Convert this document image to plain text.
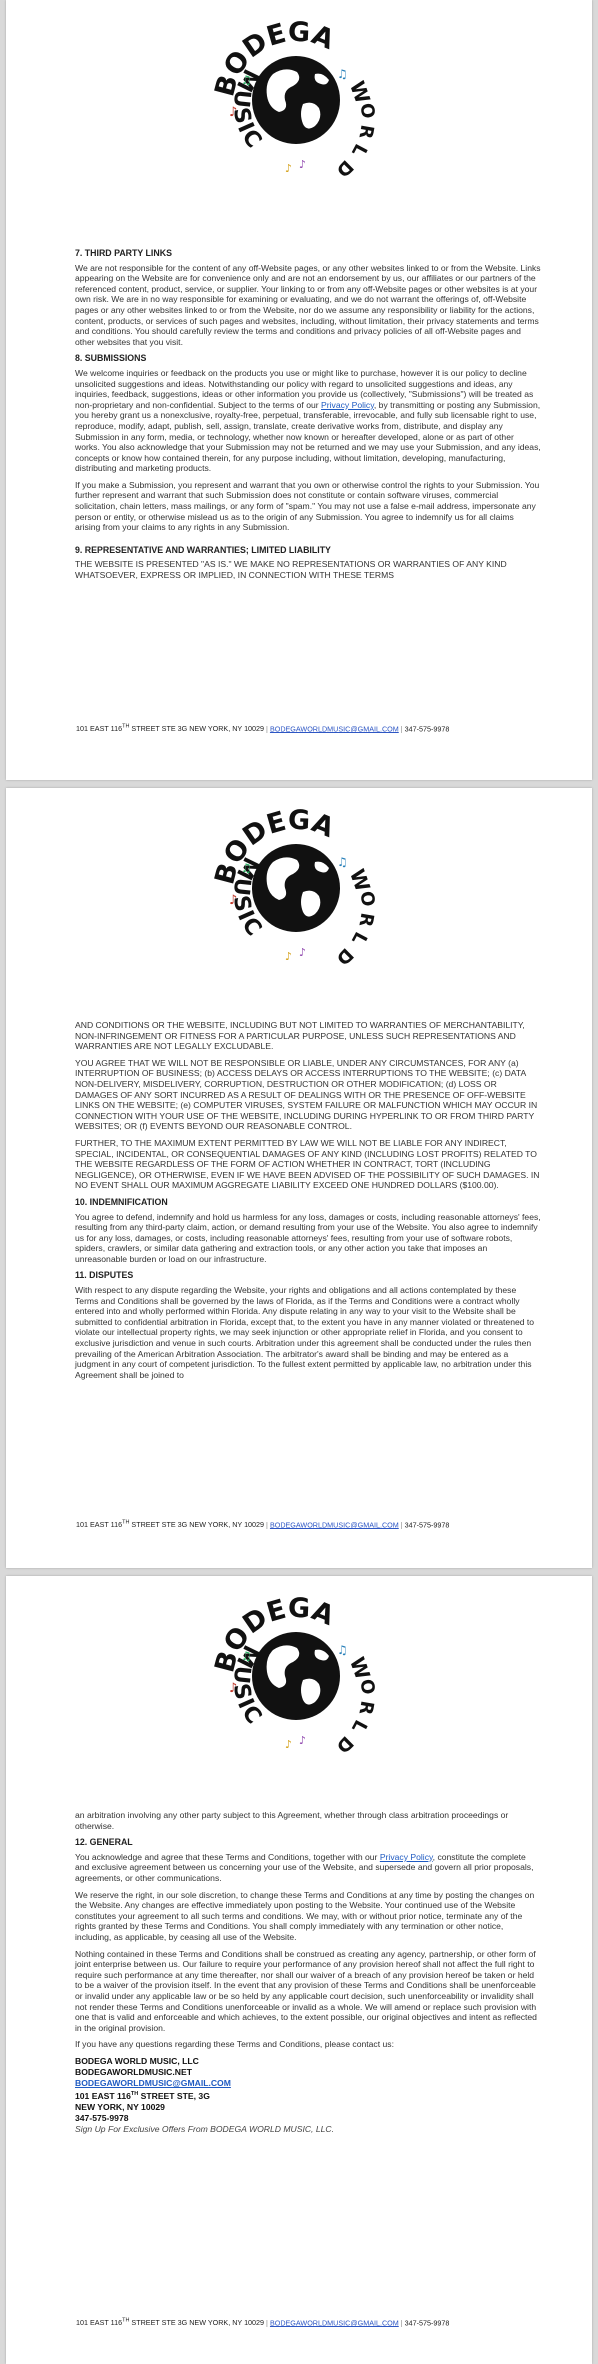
7. THIRD PARTY LINKS

We are not responsible for the content of any off-Website pages, or any other websites linked to or from the Website. Links appearing on the Website are for convenience only and are not an endorsement by us, our affiliates or our partners of the referenced content, product, service, or supplier. Your linking to or from any off-Website pages or other websites is at your own risk. We are in no way responsible for examining or evaluating, and we do not warrant the offerings of, off-Website pages or any other websites linked to or from the Website, nor do we assume any responsibility or liability for the actions, content, products, or services of such pages and websites, including, without limitation, their privacy statements and terms and conditions. You should carefully review the terms and conditions and privacy policies of all off-Website pages and other websites that you visit.

8. SUBMISSIONS

We welcome inquiries or feedback on the products you use or might like to purchase, however it is our policy to decline unsolicited suggestions and ideas. Notwithstanding our policy with regard to unsolicited suggestions and ideas, any inquiries, feedback, suggestions, ideas or other information you provide us (collectively, "Submissions") will be treated as non-proprietary and non-confidential. Subject to the terms of our Privacy Policy, by transmitting or posting any Submission, you hereby grant us a nonexclusive, royalty-free, perpetual, transferable, irrevocable, and fully sub licensable right to use, reproduce, modify, adapt, publish, sell, assign, translate, create derivative works from, distribute, and display any Submission in any form, media, or technology, whether now known or hereafter developed, alone or as part of other works. You also acknowledge that your Submission may not be returned and we may use your Submission, and any ideas, concepts or know how contained therein, for any purpose including, without limitation, developing, manufacturing, distributing and marketing products.

If you make a Submission, you represent and warrant that you own or otherwise control the rights to your Submission. You further represent and warrant that such Submission does not constitute or contain software viruses, commercial solicitation, chain letters, mass mailings, or any form of "spam." You may not use a false e-mail address, impersonate any person or entity, or otherwise mislead us as to the origin of any Submission. You agree to indemnify us for all claims arising from your claims to any rights in any Submission.

9. REPRESENTATIVE AND WARRANTIES; LIMITED LIABILITY

THE WEBSITE IS PRESENTED "AS IS." WE MAKE NO REPRESENTATIONS OR WARRANTIES OF ANY KIND WHATSOEVER, EXPRESS OR IMPLIED, IN CONNECTION WITH THESE TERMS

101 EAST 116TH STREET STE 3G NEW YORK, NY 10029 | BODEGAWORLDMUSIC@GMAIL.COM | 347-575-9978

AND CONDITIONS OR THE WEBSITE, INCLUDING BUT NOT LIMITED TO WARRANTIES OF MERCHANTABILITY, NON-INFRINGEMENT OR FITNESS FOR A PARTICULAR PURPOSE, UNLESS SUCH REPRESENTATIONS AND WARRANTIES ARE NOT LEGALLY EXCLUDABLE.

YOU AGREE THAT WE WILL NOT BE RESPONSIBLE OR LIABLE, UNDER ANY CIRCUMSTANCES, FOR ANY (a) INTERRUPTION OF BUSINESS; (b) ACCESS DELAYS OR ACCESS INTERRUPTIONS TO THE WEBSITE; (c) DATA NON-DELIVERY, MISDELIVERY, CORRUPTION, DESTRUCTION OR OTHER MODIFICATION; (d) LOSS OR DAMAGES OF ANY SORT INCURRED AS A RESULT OF DEALINGS WITH OR THE PRESENCE OF OFF-WEBSITE LINKS ON THE WEBSITE; (e) COMPUTER VIRUSES, SYSTEM FAILURE OR MALFUNCTION WHICH MAY OCCUR IN CONNECTION WITH YOUR USE OF THE WEBSITE, INCLUDING DURING HYPERLINK TO OR FROM THIRD PARTY WEBSITES; OR (f) EVENTS BEYOND OUR REASONABLE CONTROL.

FURTHER, TO THE MAXIMUM EXTENT PERMITTED BY LAW WE WILL NOT BE LIABLE FOR ANY INDIRECT, SPECIAL, INCIDENTAL, OR CONSEQUENTIAL DAMAGES OF ANY KIND (INCLUDING LOST PROFITS) RELATED TO THE WEBSITE REGARDLESS OF THE FORM OF ACTION WHETHER IN CONTRACT, TORT (INCLUDING NEGLIGENCE), OR OTHERWISE, EVEN IF WE HAVE BEEN ADVISED OF THE POSSIBILITY OF SUCH DAMAGES. IN NO EVENT SHALL OUR MAXIMUM AGGREGATE LIABILITY EXCEED ONE HUNDRED DOLLARS ($100.00).

10. INDEMNIFICATION

You agree to defend, indemnify and hold us harmless for any loss, damages or costs, including reasonable attorneys' fees, resulting from any third-party claim, action, or demand resulting from your use of the Website. You also agree to indemnify us for any loss, damages, or costs, including reasonable attorneys' fees, resulting from your use of software robots, spiders, crawlers, or similar data gathering and extraction tools, or any other action you take that imposes an unreasonable burden or load on our infrastructure.

11. DISPUTES

With respect to any dispute regarding the Website, your rights and obligations and all actions contemplated by these Terms and Conditions shall be governed by the laws of Florida, as if the Terms and Conditions were a contract wholly entered into and wholly performed within Florida. Any dispute relating in any way to your visit to the Website shall be submitted to confidential arbitration in Florida, except that, to the extent you have in any manner violated or threatened to violate our intellectual property rights, we may seek injunction or other appropriate relief in Florida, and you consent to exclusive jurisdiction and venue in such courts. Arbitration under this agreement shall be conducted under the rules then prevailing of the American Arbitration Association. The arbitrator's award shall be binding and may be entered as a judgment in any court of competent jurisdiction. To the fullest extent permitted by applicable law, no arbitration under this Agreement shall be joined to

101 EAST 116TH STREET STE 3G NEW YORK, NY 10029 | BODEGAWORLDMUSIC@GMAIL.COM | 347-575-9978

an arbitration involving any other party subject to this Agreement, whether through class arbitration proceedings or otherwise.

12. GENERAL

You acknowledge and agree that these Terms and Conditions, together with our Privacy Policy, constitute the complete and exclusive agreement between us concerning your use of the Website, and supersede and govern all prior proposals, agreements, or other communications.

We reserve the right, in our sole discretion, to change these Terms and Conditions at any time by posting the changes on the Website. Any changes are effective immediately upon posting to the Website. Your continued use of the Website constitutes your agreement to all such terms and conditions. We may, with or without prior notice, terminate any of the rights granted by these Terms and Conditions. You shall comply immediately with any termination or other notice, including, as applicable, by ceasing all use of the Website.

Nothing contained in these Terms and Conditions shall be construed as creating any agency, partnership, or other form of joint enterprise between us. Our failure to require your performance of any provision hereof shall not affect the full right to require such performance at any time thereafter, nor shall our waiver of a breach of any provision hereof be taken or held to be a waiver of the provision itself. In the event that any provision of these Terms and Conditions shall be unenforceable or invalid under any applicable law or be so held by any applicable court decision, such unenforceability or invalidity shall not render these Terms and Conditions unenforceable or invalid as a whole. We will amend or replace such provision with one that is valid and enforceable and which achieves, to the extent possible, our original objectives and intent as reflected in the original provision.

If you have any questions regarding these Terms and Conditions, please contact us:

BODEGA WORLD MUSIC, LLC
BODEGAWORLDMUSIC.NET
BODEGAWORLDMUSIC@GMAIL.COM
101 EAST 116TH STREET STE, 3G
NEW YORK, NY 10029
347-575-9978

Sign Up For Exclusive Offers From BODEGA WORLD MUSIC, LLC.

101 EAST 116TH STREET STE 3G NEW YORK, NY 10029 | BODEGAWORLDMUSIC@GMAIL.COM | 347-575-9978
